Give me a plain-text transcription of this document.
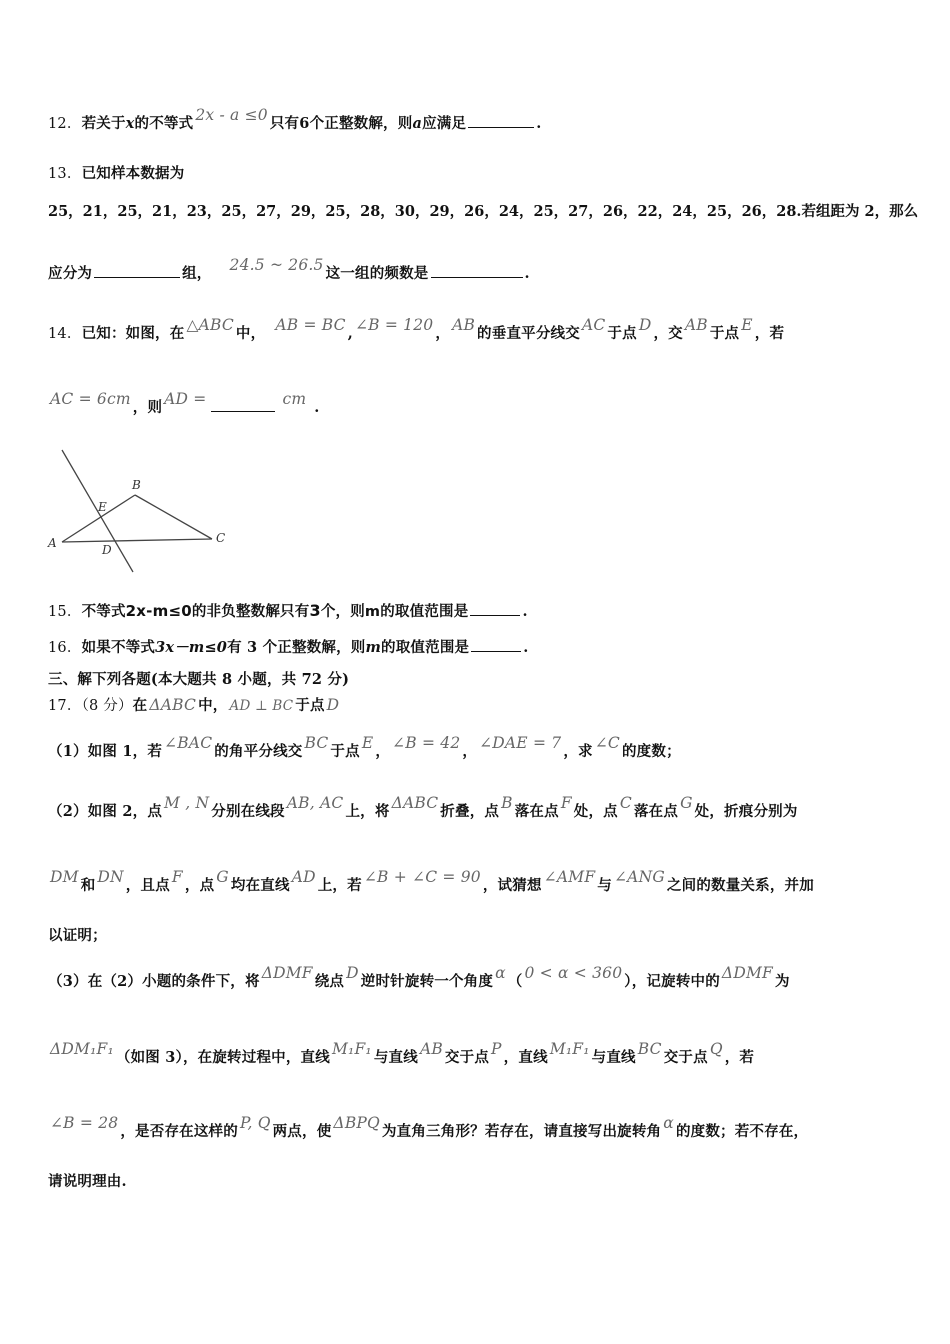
12．若关于x的不等式 2x - a ≤0 只有6个正整数解，则a应满足	.
13．已知样本数据为
25，21，25，21，23，25，27，29，25，28，30，29，26，24，25，27，26，22，24，25，26，28.若组距为 2，那么
应分为	组， 24.5 ~ 26.5 这一组的频数是	.
14．已知：如图，在 △ABC 中， AB = BC , ∠B = 120 ， AB 的垂直平分线交 AC 于点 D ，交 AB 于点 E ，若
AC = 6cm ，则 AD =	cm .
A
B
C
D
E
15．不等式2x-m≤0的非负整数解只有3个，则m的取值范围是	.
16．如果不等式3x－m≤0有 3 个正整数解，则m的取值范围是	.
三、解下列各题(本大题共 8 小题，共 72 分)
17．（8 分）在 ΔABC 中， AD ⊥ BC 于点 D
（1）如图 1，若 ∠BAC 的角平分线交 BC 于点 E ， ∠B = 42 ， ∠DAE = 7 ，求 ∠C 的度数；
（2）如图 2，点 M , N 分别在线段 AB, AC 上，将 ΔABC 折叠，点 B 落在点 F 处，点 C 落在点 G 处，折痕分别为
DM 和 DN ，且点 F ，点 G 均在直线 AD 上，若 ∠B + ∠C = 90 ，试猜想 ∠AMF 与 ∠ANG 之间的数量关系，并加
以证明；
（3）在（2）小题的条件下，将 ΔDMF 绕点 D 逆时针旋转一个角度 α （ 0 < α < 360 ），记旋转中的 ΔDMF 为
ΔDM₁F₁ （如图 3），在旋转过程中，直线 M₁F₁ 与直线 AB 交于点 P ，直线 M₁F₁ 与直线 BC 交于点 Q ，若
∠B = 28 ，是否存在这样的 P, Q 两点，使 ΔBPQ 为直角三角形？若存在，请直接写出旋转角 α 的度数；若不存在，
请说明理由.
